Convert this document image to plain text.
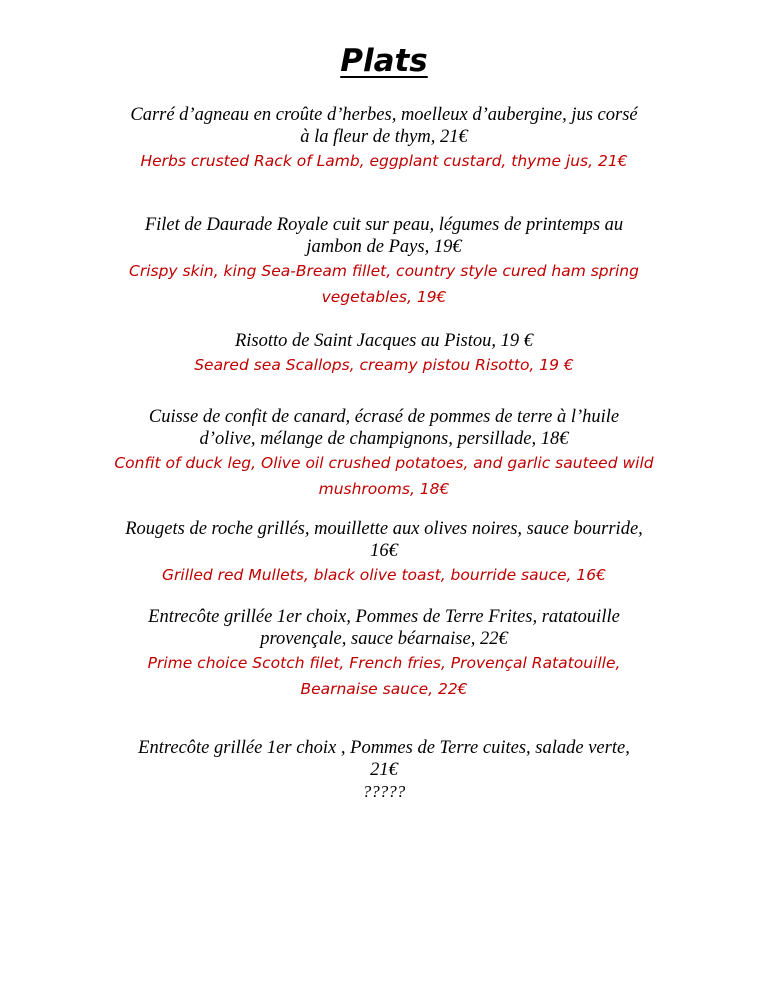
Plats
Carré d’agneau en croûte d’herbes, moelleux d’aubergine, jus corsé
à la fleur de thym, 21€
Herbs crusted Rack of Lamb, eggplant custard, thyme jus, 21€
Filet de Daurade Royale cuit sur peau, légumes de printemps au
jambon de Pays, 19€
Crispy skin, king Sea-Bream fillet, country style cured ham spring
vegetables, 19€
Risotto de Saint Jacques au Pistou, 19 €
Seared sea Scallops, creamy pistou Risotto, 19 €
Cuisse de confit de canard, écrasé de pommes de terre à l’huile
d’olive, mélange de champignons, persillade, 18€
Confit of duck leg, Olive oil crushed potatoes, and garlic sauteed wild
mushrooms, 18€
Rougets de roche grillés, mouillette aux olives noires, sauce bourride,
16€
Grilled red Mullets, black olive toast, bourride sauce, 16€
Entrecôte grillée 1er choix, Pommes de Terre Frites, ratatouille
provençale, sauce béarnaise, 22€
Prime choice Scotch filet, French fries, Provençal Ratatouille,
Bearnaise sauce, 22€
Entrecôte grillée 1er choix , Pommes de Terre cuites, salade verte,
21€
?????
